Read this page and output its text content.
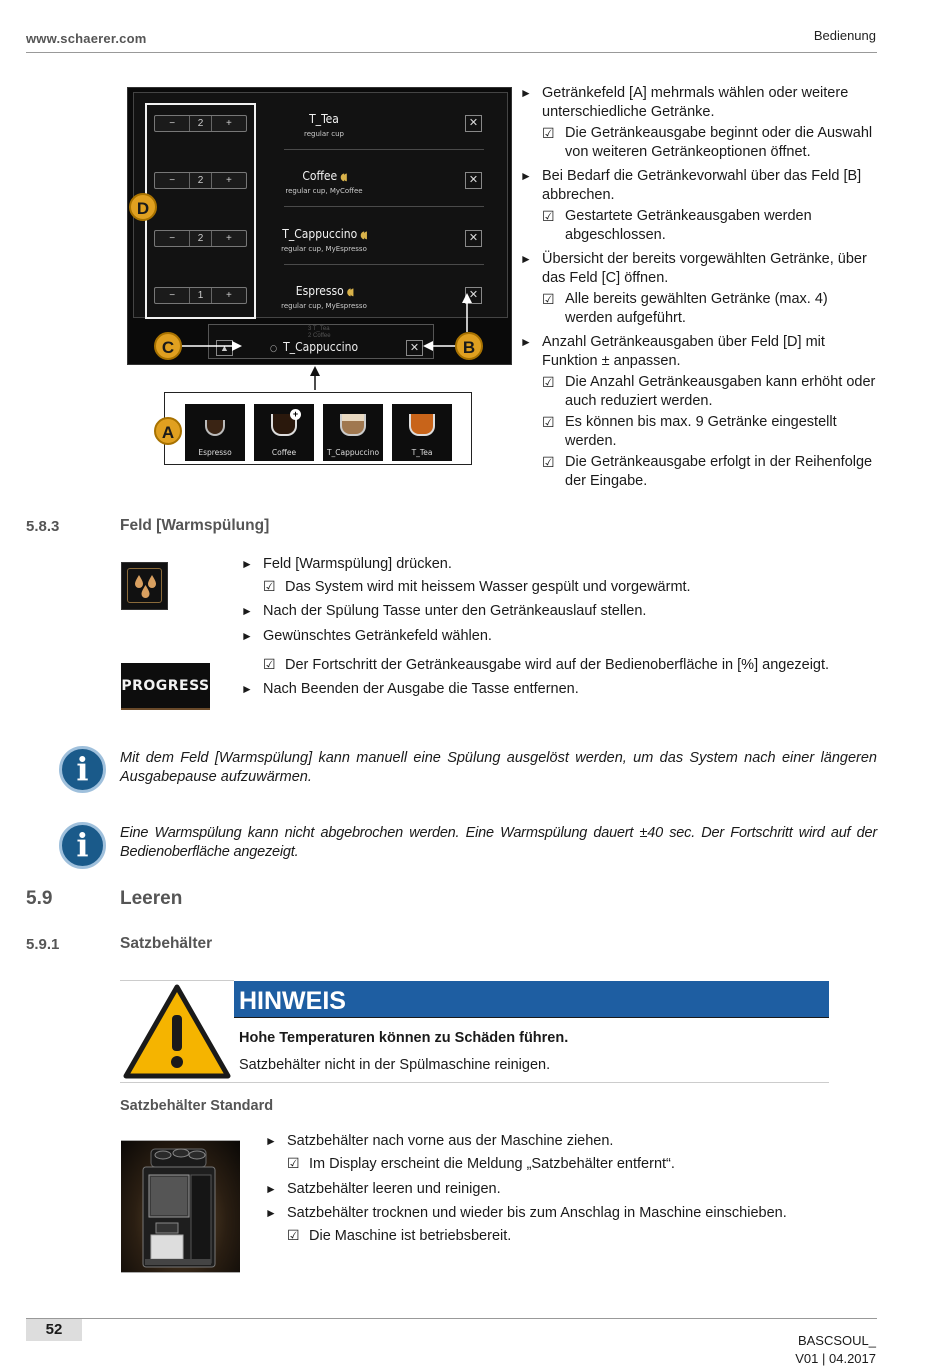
www.schaerer.com	Bedienung
−	2	+	T_Tea
regular cup
✕
−	2	+	Coffee ◖◖
regular cup, MyCoffee
✕
−	2	+	T_Cappuccino ◖◖
regular cup, MyEspresso
✕
−	1	+	Espresso ◖◖
regular cup, MyEspresso
✕
3 T_Tea
2 Coffee
▲	○ T_Cappuccino	✕
D
C	B
Espresso
+
Coffee	T_Cappuccino	T_Tea
A
► Getränkefeld [A] mehrmals wählen oder weitere unterschiedliche Getränke.
☑ Die Getränkeausgabe beginnt oder die Auswahl von weiteren Getränkeoptionen öffnet.
► Bei Bedarf die Getränkevorwahl über das Feld [B] abbrechen.
☑ Gestartete Getränkeausgaben werden abgeschlossen.
► Übersicht der bereits vorgewählten Getränke, über das Feld [C] öffnen.
☑ Alle bereits gewählten Getränke (max. 4) werden aufgeführt.
► Anzahl Getränkeausgaben über Feld [D] mit Funktion ± anpassen.
☑ Die Anzahl Getränkeausgaben kann erhöht oder auch reduziert werden.
☑ Es können bis max. 9 Getränke eingestellt werden.
☑ Die Getränkeausgabe erfolgt in der Reihenfolge der Eingabe.
5.8.3	Feld [Warmspülung]
PROGRESS
► Feld [Warmspülung] drücken.
☑ Das System wird mit heissem Wasser gespült und vorgewärmt.
► Nach der Spülung Tasse unter den Getränkeauslauf stellen.
► Gewünschtes Getränkefeld wählen.
☑ Der Fortschritt der Getränkeausgabe wird auf der Bedienoberfläche in [%] angezeigt.
► Nach Beenden der Ausgabe die Tasse entfernen.
i	Mit dem Feld [Warmspülung] kann manuell eine Spülung ausgelöst werden, um das System nach einer längeren Ausgabepause aufzuwärmen.
i	Eine Warmspülung kann nicht abgebrochen werden. Eine Warmspülung dauert ±40 sec. Der Fortschritt wird auf der Bedienoberfläche angezeigt.
5.9	Leeren
5.9.1	Satzbehälter
HINWEIS
Hohe Temperaturen können zu Schäden führen.
Satzbehälter nicht in der Spülmaschine reinigen.
Satzbehälter Standard
► Satzbehälter nach vorne aus der Maschine ziehen.
☑ Im Display erscheint die Meldung „Satzbehälter entfernt“.
► Satzbehälter leeren und reinigen.
► Satzbehälter trocknen und wieder bis zum Anschlag in Maschine einschieben.
☑ Die Maschine ist betriebsbereit.
52
BASCSOUL_
V01 | 04.2017
